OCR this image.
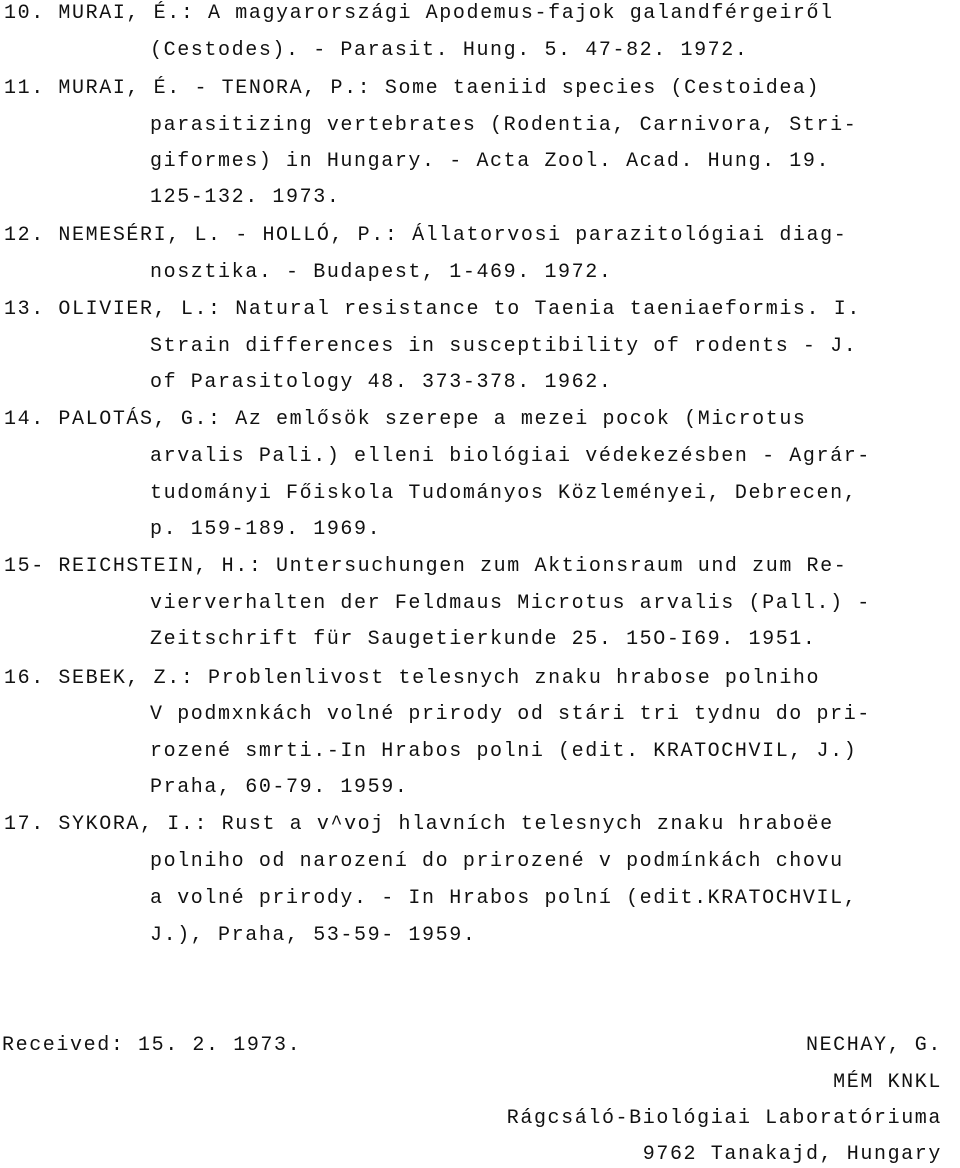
10. MURAI, É.: A magyarországi Apodemus-fajok galandférgeiről
(Cestodes). - Parasit. Hung. 5. 47-82. 1972.
11. MURAI, É. - TENORA, P.: Some taeniid species (Cestoidea)
parasitizing vertebrates (Rodentia, Carnivora, Stri-
giformes) in Hungary. - Acta Zool. Acad. Hung. 19.
125-132. 1973.
12. NEMESÉRI, L. - HOLLÓ, P.: Állatorvosi parazitológiai diag-
nosztika. - Budapest, 1-469. 1972.
13. OLIVIER, L.: Natural resistance to Taenia taeniaeformis. I.
Strain differences in susceptibility of rodents - J.
of Parasitology 48. 373-378. 1962.
14. PALOTÁS, G.: Az emlősök szerepe a mezei pocok (Microtus
arvalis Pali.) elleni biológiai védekezésben - Agrár-
tudományi Főiskola Tudományos Közleményei, Debrecen,
p. 159-189. 1969.
15- REICHSTEIN, H.: Untersuchungen zum Aktionsraum und zum Re-
vierverhalten der Feldmaus Microtus arvalis (Pall.) -
Zeitschrift für Saugetierkunde 25. 15O-I69. 1951.
16. SEBEK, Z.: Problenlivost telesnych znaku hrabose polniho
V podmxnkách volné prirody od stári tri tydnu do pri-
rozené smrti.-In Hrabos polni (edit. KRATOCHVIL, J.)
Praha, 60-79. 1959.
17. SYKORA, I.: Rust a v^voj hlavních telesnych znaku hraboëe
polniho od narození do prirozené v podmínkách chovu
a volné prirody. - In Hrabos polní (edit.KRATOCHVIL,
J.), Praha, 53-59- 1959.
Received: 15. 2. 1973.	NECHAY, G.
MÉM KNKL
Rágcsáló-Biológiai Laboratóriuma
9762 Tanakajd, Hungary
